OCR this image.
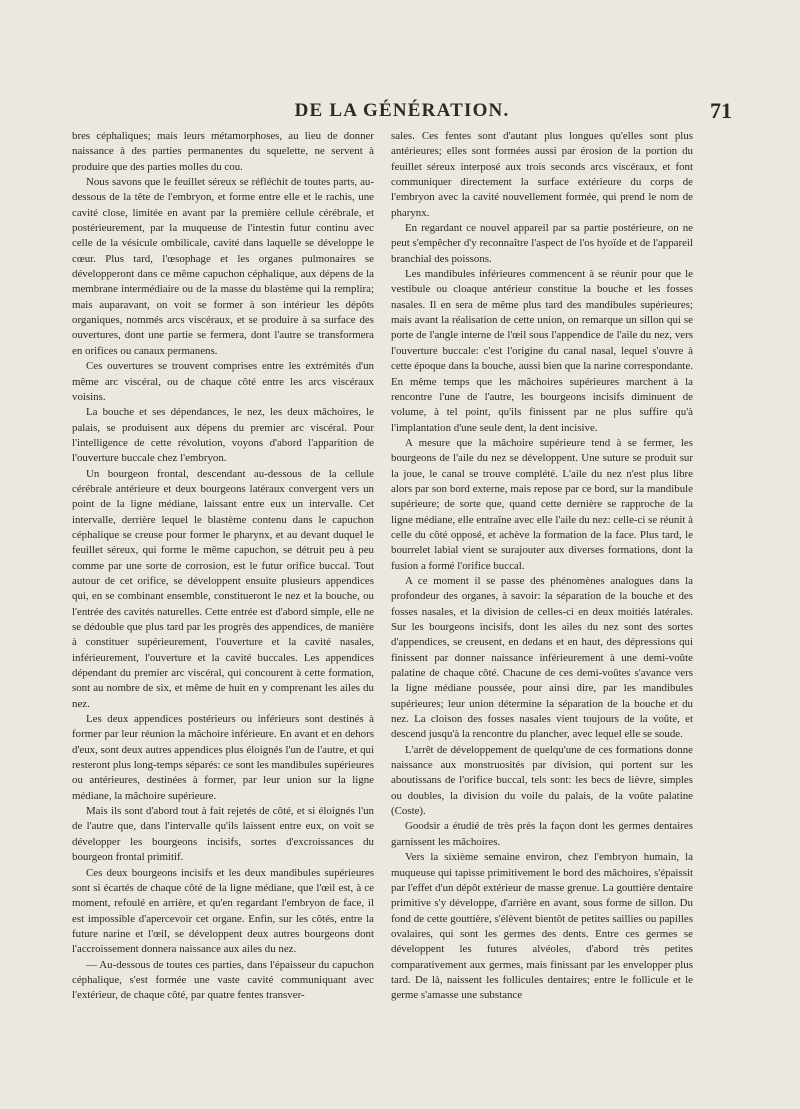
DE LA GÉNÉRATION.	71

bres céphaliques; mais leurs métamorphoses, au lieu de donner naissance à des parties permanentes du squelette, ne servent à produire que des parties molles du cou.

Nous savons que le feuillet séreux se réfléchit de toutes parts, au-dessous de la tête de l'embryon, et forme entre elle et le rachis, une cavité close, limitée en avant par la première cellule cérébrale, et postérieurement, par la muqueuse de l'intestin futur continu avec celle de la vésicule ombilicale, cavité dans laquelle se développe le cœur. Plus tard, l'œsophage et les organes pulmonaires se développeront dans ce même capuchon céphalique, aux dépens de la membrane intermédiaire ou de la masse du blastème qui la remplira; mais auparavant, on voit se former à son intérieur les dépôts organiques, nommés arcs viscéraux, et se produire à sa surface des ouvertures, dont une partie se fermera, dont l'autre se transformera en orifices ou canaux permanens.

Ces ouvertures se trouvent comprises entre les extrémités d'un même arc viscéral, ou de chaque côté entre les arcs viscéraux voisins.

La bouche et ses dépendances, le nez, les deux mâchoires, le palais, se produisent aux dépens du premier arc viscéral. Pour l'intelligence de cette révolution, voyons d'abord l'apparition de l'ouverture buccale chez l'embryon.

Un bourgeon frontal, descendant au-dessous de la cellule cérébrale antérieure et deux bourgeons latéraux convergent vers un point de la ligne médiane, laissant entre eux un intervalle. Cet intervalle, derrière lequel le blastème contenu dans le capuchon céphalique se creuse pour former le pharynx, et au devant duquel le feuillet séreux, qui forme le même capuchon, se détruit peu à peu comme par une sorte de corrosion, est le futur orifice buccal. Tout autour de cet orifice, se développent ensuite plusieurs appendices qui, en se combinant ensemble, constitueront le nez et la bouche, ou l'entrée des cavités naturelles. Cette entrée est d'abord simple, elle ne se dédouble que plus tard par les progrès des appendices, de manière à constituer supérieurement, l'ouverture et la cavité nasales, inférieurement, l'ouverture et la cavité buccales. Les appendices dépendant du premier arc viscéral, qui concourent à cette formation, sont au nombre de six, et même de huit en y comprenant les ailes du nez.

Les deux appendices postérieurs ou inférieurs sont destinés à former par leur réunion la mâchoire inférieure. En avant et en dehors d'eux, sont deux autres appendices plus éloignés l'un de l'autre, et qui resteront plus long-temps séparés: ce sont les mandibules supérieures ou antérieures, destinées à former, par leur union sur la ligne médiane, la mâchoire supérieure.

Mais ils sont d'abord tout à fait rejetés de côté, et si éloignés l'un de l'autre que, dans l'intervalle qu'ils laissent entre eux, on voit se développer les bourgeons incisifs, sortes d'excroissances du bourgeon frontal primitif.

Ces deux bourgeons incisifs et les deux mandibules supérieures sont si écartés de chaque côté de la ligne médiane, que l'œil est, à ce moment, refoulé en arrière, et qu'en regardant l'embryon de face, il est impossible d'apercevoir cet organe. Enfin, sur les côtés, entre la future narine et l'œil, se développent deux autres bourgeons dont l'accroissement donnera naissance aux ailes du nez.

— Au-dessous de toutes ces parties, dans l'épaisseur du capuchon céphalique, s'est formée une vaste cavité communiquant avec l'extérieur, de chaque côté, par quatre fentes transver-

sales. Ces fentes sont d'autant plus longues qu'elles sont plus antérieures; elles sont formées aussi par érosion de la portion du feuillet séreux interposé aux trois seconds arcs viscéraux, et font communiquer directement la surface extérieure du corps de l'embryon avec la cavité nouvellement formée, qui prend le nom de pharynx.

En regardant ce nouvel appareil par sa partie postérieure, on ne peut s'empêcher d'y reconnaître l'aspect de l'os hyoïde et de l'appareil branchial des poissons.

Les mandibules inférieures commencent à se réunir pour que le vestibule ou cloaque antérieur constitue la bouche et les fosses nasales. Il en sera de même plus tard des mandibules supérieures; mais avant la réalisation de cette union, on remarque un sillon qui se porte de l'angle interne de l'œil sous l'appendice de l'aile du nez, vers l'ouverture buccale: c'est l'origine du canal nasal, lequel s'ouvre à cette époque dans la bouche, aussi bien que la narine correspondante. En même temps que les mâchoires supérieures marchent à la rencontre l'une de l'autre, les bourgeons incisifs diminuent de volume, à tel point, qu'ils finissent par ne plus suffire qu'à l'implantation d'une seule dent, la dent incisive.

A mesure que la mâchoire supérieure tend à se fermer, les bourgeons de l'aile du nez se développent. Une suture se produit sur la joue, le canal se trouve complété. L'aile du nez n'est plus libre alors par son bord externe, mais repose par ce bord, sur la mandibule supérieure; de sorte que, quand cette dernière se rapproche de la ligne médiane, elle entraîne avec elle l'aile du nez: celle-ci se réunit à celle du côté opposé, et achève la formation de la face. Plus tard, le bourrelet labial vient se surajouter aux diverses formations, dont la fusion a formé l'orifice buccal.

A ce moment il se passe des phénomènes analogues dans la profondeur des organes, à savoir: la séparation de la bouche et des fosses nasales, et la division de celles-ci en deux moitiés latérales. Sur les bourgeons incisifs, dont les ailes du nez sont des sortes d'appendices, se creusent, en dedans et en haut, des dépressions qui finissent par donner naissance inférieurement à une demi-voûte palatine de chaque côté. Chacune de ces demi-voûtes s'avance vers la ligne médiane poussée, pour ainsi dire, par les mandibules supérieures; leur union détermine la séparation de la bouche et du nez. La cloison des fosses nasales vient toujours de la voûte, et descend jusqu'à la rencontre du plancher, avec lequel elle se soude.

L'arrêt de développement de quelqu'une de ces formations donne naissance aux monstruosités par division, qui portent sur les aboutissans de l'orifice buccal, tels sont: les becs de lièvre, simples ou doubles, la division du voile du palais, de la voûte palatine (Coste).

Goodsir a étudié de très près la façon dont les germes dentaires garnissent les mâchoires.

Vers la sixième semaine environ, chez l'embryon humain, la muqueuse qui tapisse primitivement le bord des mâchoires, s'épaissit par l'effet d'un dépôt extérieur de masse grenue. La gouttière dentaire primitive s'y développe, d'arrière en avant, sous forme de sillon. Du fond de cette gouttière, s'élèvent bientôt de petites saillies ou papilles ovalaires, qui sont les germes des dents. Entre ces germes se développent les futures alvéoles, d'abord très petites comparativement aux germes, mais finissant par les envelopper plus tard. De là, naissent les follicules dentaires; entre le follicule et le germe s'amasse une substance
